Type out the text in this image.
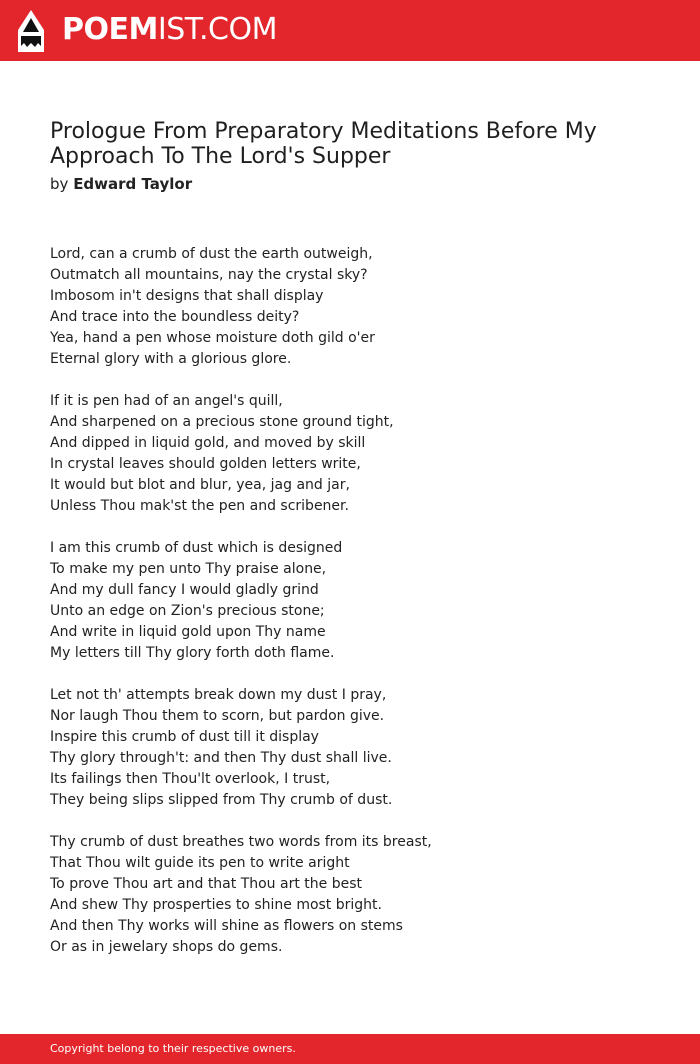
POEMIST.COM
Prologue From Preparatory Meditations Before My Approach To The Lord's Supper
by Edward Taylor
Lord, can a crumb of dust the earth outweigh,
Outmatch all mountains, nay the crystal sky?
Imbosom in't designs that shall display
And trace into the boundless deity?
Yea, hand a pen whose moisture doth gild o'er
Eternal glory with a glorious glore.
If it is pen had of an angel's quill,
And sharpened on a precious stone ground tight,
And dipped in liquid gold, and moved by skill
In crystal leaves should golden letters write,
It would but blot and blur, yea, jag and jar,
Unless Thou mak'st the pen and scribener.
I am this crumb of dust which is designed
To make my pen unto Thy praise alone,
And my dull fancy I would gladly grind
Unto an edge on Zion's precious stone;
And write in liquid gold upon Thy name
My letters till Thy glory forth doth flame.
Let not th' attempts break down my dust I pray,
Nor laugh Thou them to scorn, but pardon give.
Inspire this crumb of dust till it display
Thy glory through't: and then Thy dust shall live.
Its failings then Thou'lt overlook, I trust,
They being slips slipped from Thy crumb of dust.
Thy crumb of dust breathes two words from its breast,
That Thou wilt guide its pen to write aright
To prove Thou art and that Thou art the best
And shew Thy prosperties to shine most bright.
And then Thy works will shine as flowers on stems
Or as in jewelary shops do gems.
Copyright belong to their respective owners.
